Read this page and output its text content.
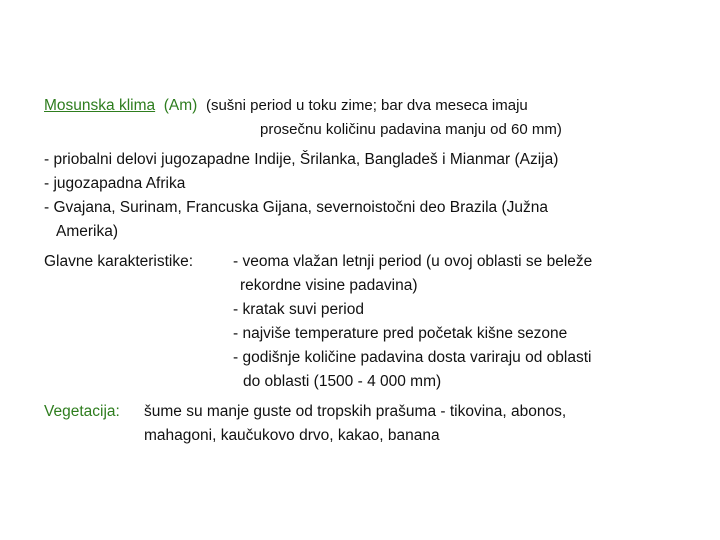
Mosunska klima (Am) (sušni period u toku zime; bar dva meseca imaju
prosečnu količinu padavina manju od 60 mm)
- priobalni delovi jugozapadne Indije, Šrilanka, Bangladeš i Mianmar (Azija)
- jugozapadna Afrika
- Gvajana, Surinam, Francuska Gijana, severnoistočni deo Brazila (Južna
Amerika)
Glavne karakteristike:	- veoma vlažan letnji period (u ovoj oblasti se beleže
rekordne visine padavina)
- kratak suvi period
- najviše temperature pred početak kišne sezone
- godišnje količine padavina dosta variraju od oblasti
do oblasti (1500 - 4 000 mm)
Vegetacija: šume su manje guste od tropskih prašuma - tikovina, abonos,
mahagoni, kaučukovo drvo, kakao, banana
